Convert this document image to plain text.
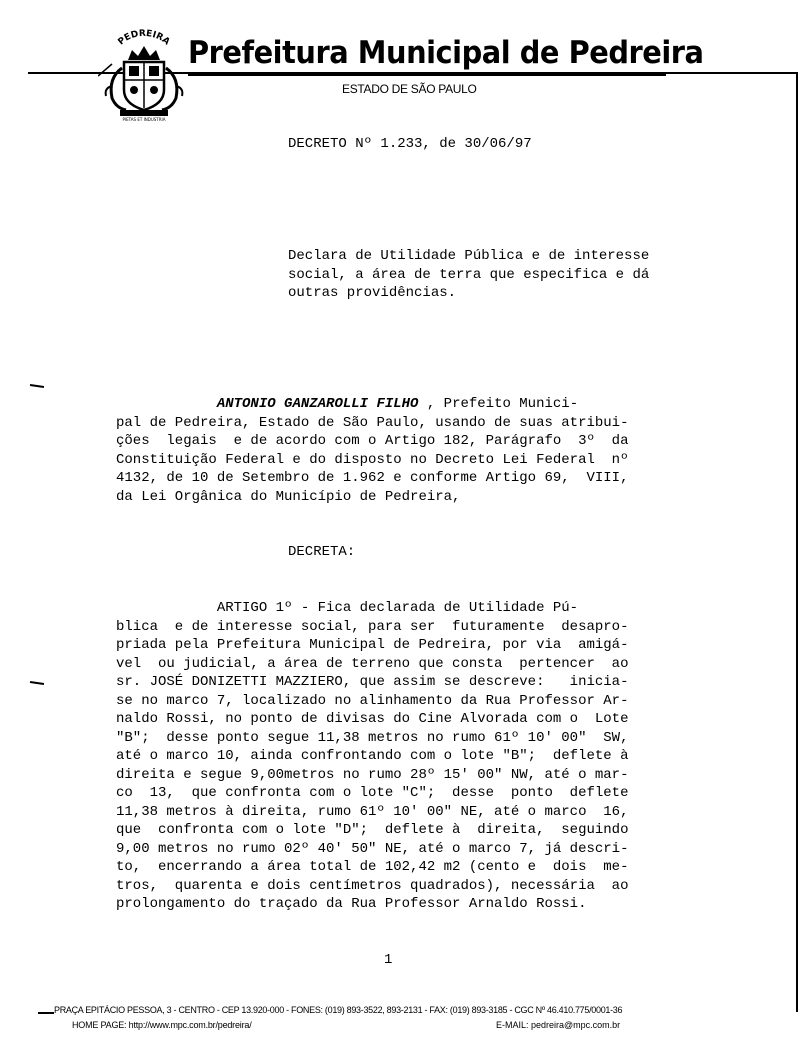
PEDREIRA
PIETAS ET INDUSTRIA
Prefeitura Municipal de Pedreira
ESTADO DE SÃO PAULO
DECRETO Nº 1.233, de 30/06/97
Declara de Utilidade Pública e de interesse
social, a área de terra que especifica e dá
outras providências.
ANTONIO GANZAROLLI FILHO , Prefeito Munici-
pal de Pedreira, Estado de São Paulo, usando de suas atribui-
ções  legais  e de acordo com o Artigo 182, Parágrafo  3º  da
Constituição Federal e do disposto no Decreto Lei Federal  nº
4132, de 10 de Setembro de 1.962 e conforme Artigo 69,  VIII,
da Lei Orgânica do Município de Pedreira,
DECRETA:
ARTIGO 1º - Fica declarada de Utilidade Pú-
blica  e de interesse social, para ser  futuramente  desapro-
priada pela Prefeitura Municipal de Pedreira, por via  amigá-
vel  ou judicial, a área de terreno que consta  pertencer  ao
sr. JOSÉ DONIZETTI MAZZIERO, que assim se descreve:   inicia-
se no marco 7, localizado no alinhamento da Rua Professor Ar-
naldo Rossi, no ponto de divisas do Cine Alvorada com o  Lote
"B";  desse ponto segue 11,38 metros no rumo 61º 10' 00"  SW,
até o marco 10, ainda confrontando com o lote "B";  deflete à
direita e segue 9,00metros no rumo 28º 15' 00" NW, até o mar-
co  13,  que confronta com o lote "C";  desse  ponto  deflete
11,38 metros à direita, rumo 61º 10' 00" NE, até o marco  16,
que  confronta com o lote "D";  deflete à  direita,  seguindo
9,00 metros no rumo 02º 40' 50" NE, até o marco 7, já descri-
to,  encerrando a área total de 102,42 m2 (cento e  dois  me-
tros,  quarenta e dois centímetros quadrados), necessária  ao
prolongamento do traçado da Rua Professor Arnaldo Rossi.
1
PRAÇA EPITÁCIO PESSOA, 3 - CENTRO - CEP 13.920-000 - FONES: (019) 893-3522, 893-2131 - FAX: (019) 893-3185 - CGC Nº 46.410.775/0001-36
HOME PAGE: http://www.mpc.com.br/pedreira/	E-MAIL: pedreira@mpc.com.br
